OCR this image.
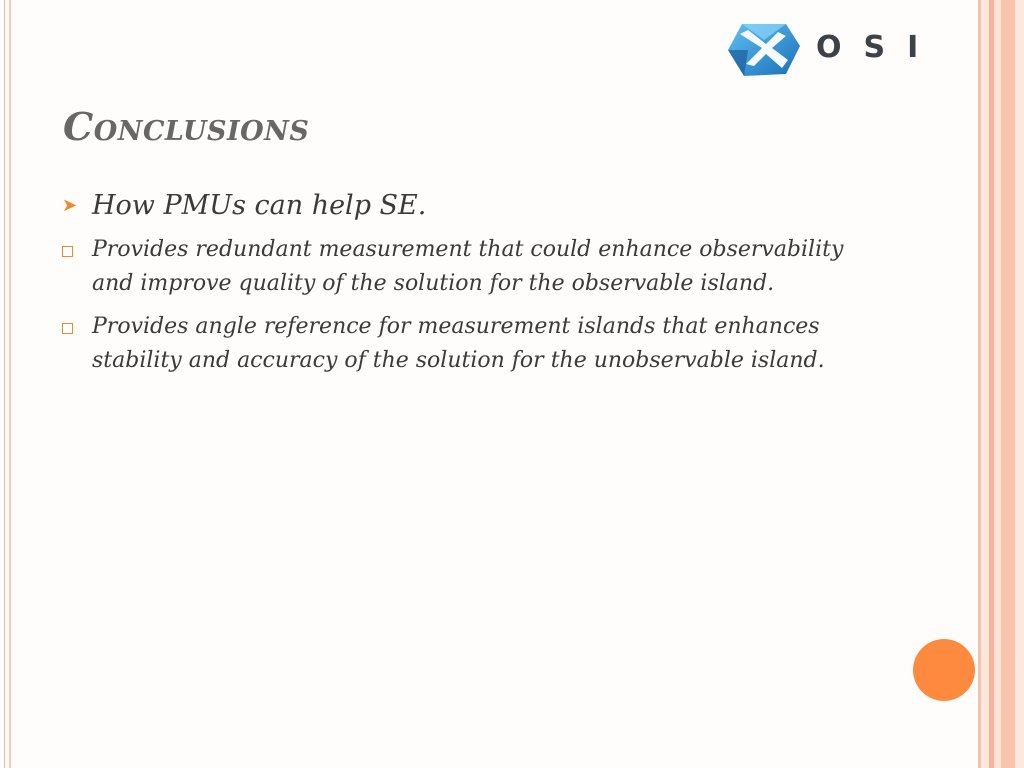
OSI
Conclusions
➤ How PMUs can help SE.
Provides redundant measurement that could enhance observability and improve quality of the solution for the observable island.
Provides angle reference for measurement islands that enhances stability and accuracy of the solution for the unobservable island.
